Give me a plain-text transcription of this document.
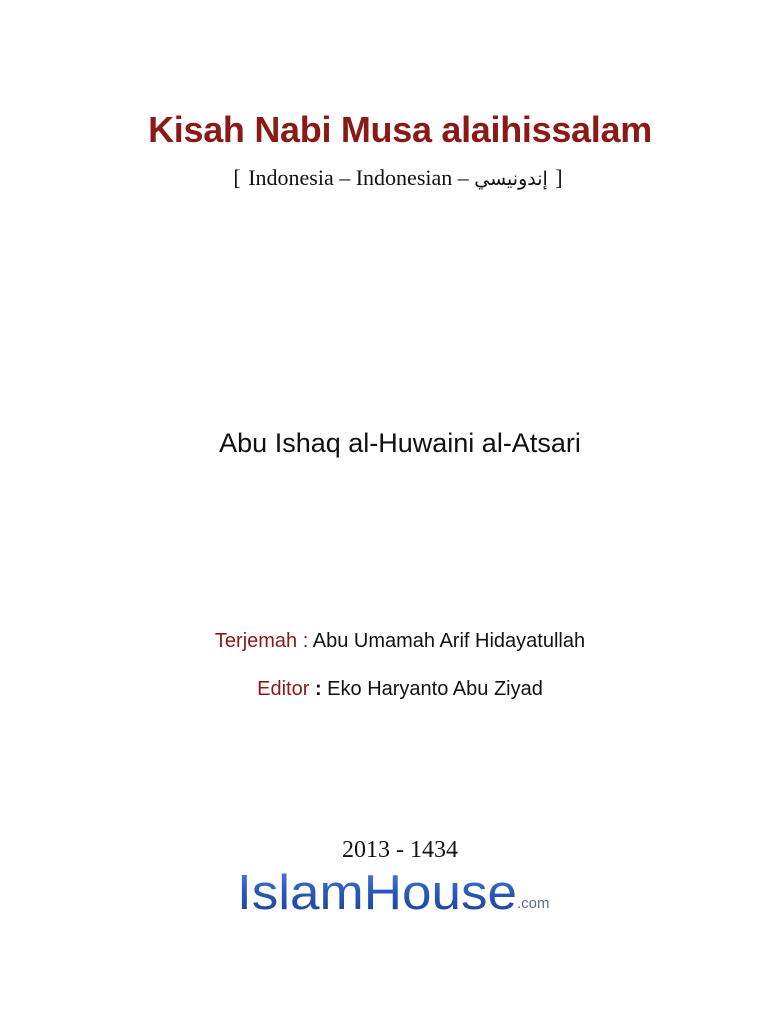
Kisah Nabi Musa alaihissalam
[ Indonesia – Indonesian – إندونيسي ]
Abu Ishaq al-Huwaini al-Atsari
Terjemah : Abu Umamah Arif Hidayatullah
Editor : Eko Haryanto Abu Ziyad
2013 - 1434
IslamHouse .com
